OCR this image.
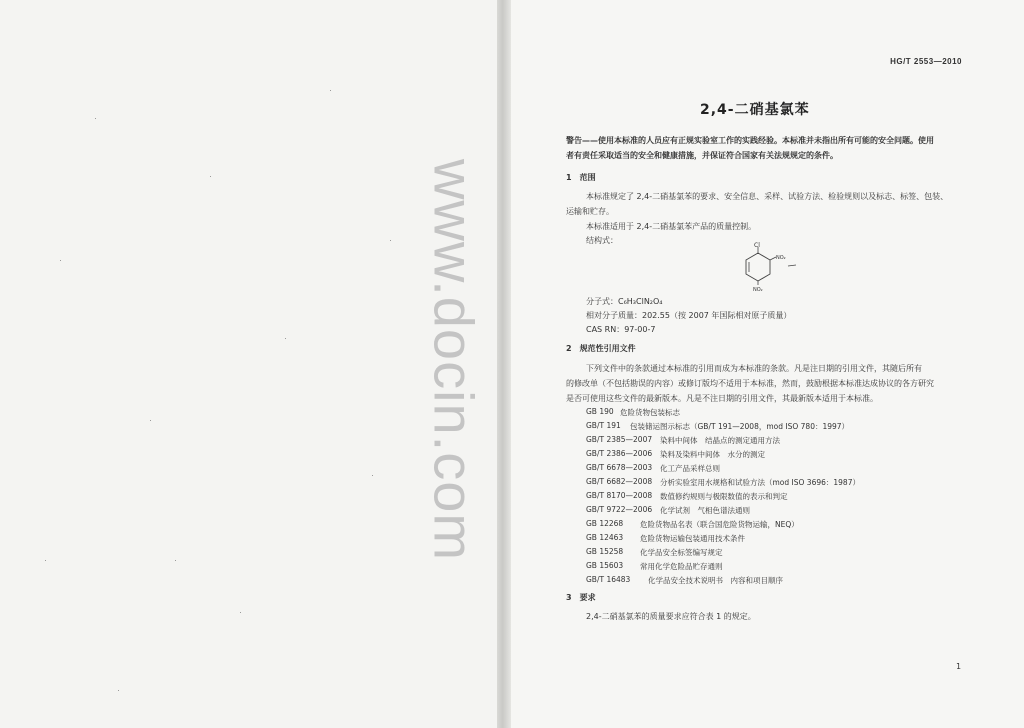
www.docin.com
HG/T 2553—2010
2,4-二硝基氯苯
警告——使用本标准的人员应有正规实验室工作的实践经验。本标准并未指出所有可能的安全问题。使用
者有责任采取适当的安全和健康措施，并保证符合国家有关法规规定的条件。
1　范围
本标准规定了 2,4-二硝基氯苯的要求、安全信息、采样、试验方法、检验规则以及标志、标签、包装、
运输和贮存。
本标准适用于 2,4-二硝基氯苯产品的质量控制。
结构式：
Cl
NO₂
NO₂
分子式：C₆H₃ClN₂O₄
相对分子质量：202.55（按 2007 年国际相对原子质量）
CAS RN：97-00-7
2　规范性引用文件
下列文件中的条款通过本标准的引用而成为本标准的条款。凡是注日期的引用文件，其随后所有
的修改单（不包括勘误的内容）或修订版均不适用于本标准，然而，鼓励根据本标准达成协议的各方研究
是否可使用这些文件的最新版本。凡是不注日期的引用文件，其最新版本适用于本标准。
GB 190 危险货物包装标志
GB/T 191 包装储运图示标志（GB/T 191—2008，mod ISO 780：1997）
GB/T 2385—2007 染料中间体　结晶点的测定通用方法
GB/T 2386—2006 染料及染料中间体　水分的测定
GB/T 6678—2003 化工产品采样总则
GB/T 6682—2008 分析实验室用水规格和试验方法（mod ISO 3696：1987）
GB/T 8170—2008 数值修约规则与极限数值的表示和判定
GB/T 9722—2006 化学试剂　气相色谱法通则
GB 12268 危险货物品名表（联合国危险货物运输，NEQ）
GB 12463 危险货物运输包装通用技术条件
GB 15258 化学品安全标签编写规定
GB 15603 常用化学危险品贮存通则
GB/T 16483 化学品安全技术说明书　内容和项目顺序
3　要求
2,4-二硝基氯苯的质量要求应符合表 1 的规定。
1
